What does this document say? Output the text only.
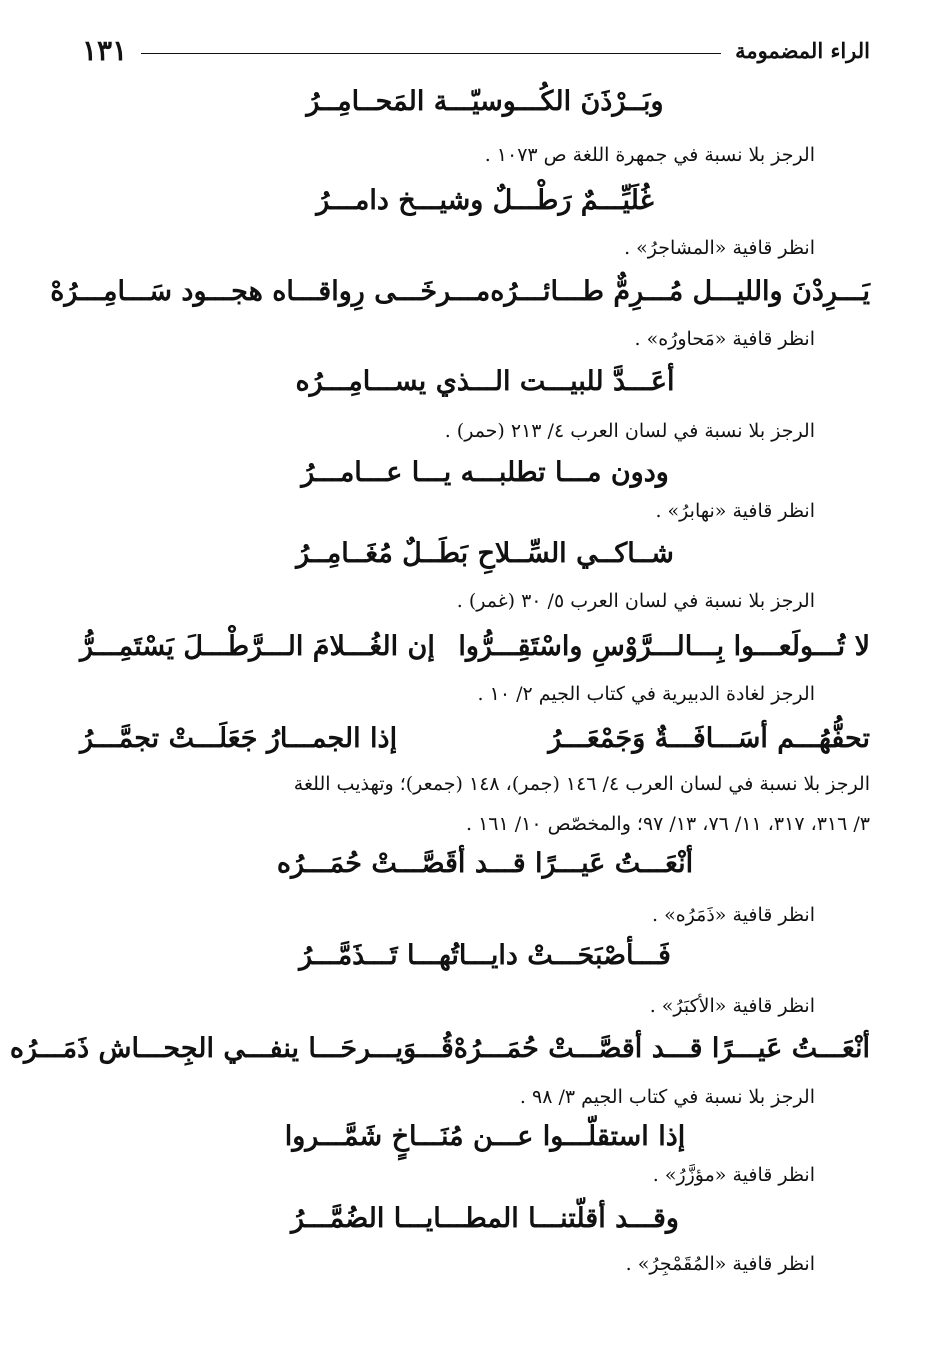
الراء المضمومة
١٣١
وبَــرْذَنَ الكُـــوسيّـــة المَحــامِــرُ
الرجز بلا نسبة في جمهرة اللغة ص ١٠٧٣ .
غُلَيِّـــمٌ رَطْـــلٌ وشيـــخ دامـــرُ
انظر قافية «المشاجرُ» .
يَـــرِدْنَ والليـــل مُـــرِمٌّ طـــائـــرُه
مـــرخَـــى رِواقـــاه هجـــود سَـــامِـــرُهْ
انظر قافية «مَحاورُه» .
أعَـــدَّ للبيـــت الـــذي يســـامِـــرُه
الرجز بلا نسبة في لسان العرب ٤/ ٢١٣ (حمر) .
ودون مـــا تطلبـــه يـــا عـــامـــرُ
انظر قافية «نهابرُ» .
شــاكــي السِّــلاحِ بَطَــلٌ مُغَــامِــرُ
الرجز بلا نسبة في لسان العرب ٥/ ٣٠ (غمر) .
لا تُـــولَعـــوا بِـــالـــرَّوْسِ واسْتَقِـــرُّوا
إن الغُـــلامَ الـــرَّطْـــلَ يَسْتَمِـــرُّ
الرجز لغادة الدبيرية في كتاب الجيم ٢/ ١٠ .
تحفُّهُـــم أسَـــافَـــةٌ وَجَمْعَـــرُ
إذا الجمـــارُ جَعَلَـــتْ تجمَّـــرُ
الرجز بلا نسبة في لسان العرب ٤/ ١٤٦ (جمر)، ١٤٨ (جمعر)؛ وتهذيب اللغة
٣/ ٣١٦، ٣١٧، ١١/ ٧٦، ١٣/ ٩٧؛ والمخصّص ١٠/ ١٦١ .
أنْعَـــتُ عَيـــرًا قـــد أقَصَّـــتْ حُمَـــرُه
انظر قافية «ذَمَرُه» .
فَـــأصْبَحَـــتْ دايـــاتُهـــا تَـــذَمَّـــرُ
انظر قافية «الأكبَرُ» .
أنْعَـــتُ عَيـــرًا قـــد أقصَّـــتْ حُمَـــرُهْ
قُـــوَيـــرحَـــا ينفـــي الجِحـــاش ذَمَـــرُه
الرجز بلا نسبة في كتاب الجيم ٣/ ٩٨ .
إذا استقلّـــوا عـــن مُنَـــاخٍ شَمَّـــروا
انظر قافية «مؤزَّرُ» .
وقـــد أقلّتنـــا المطـــايـــا الضُمَّـــرُ
انظر قافية «المُقَمْجِرُ» .
